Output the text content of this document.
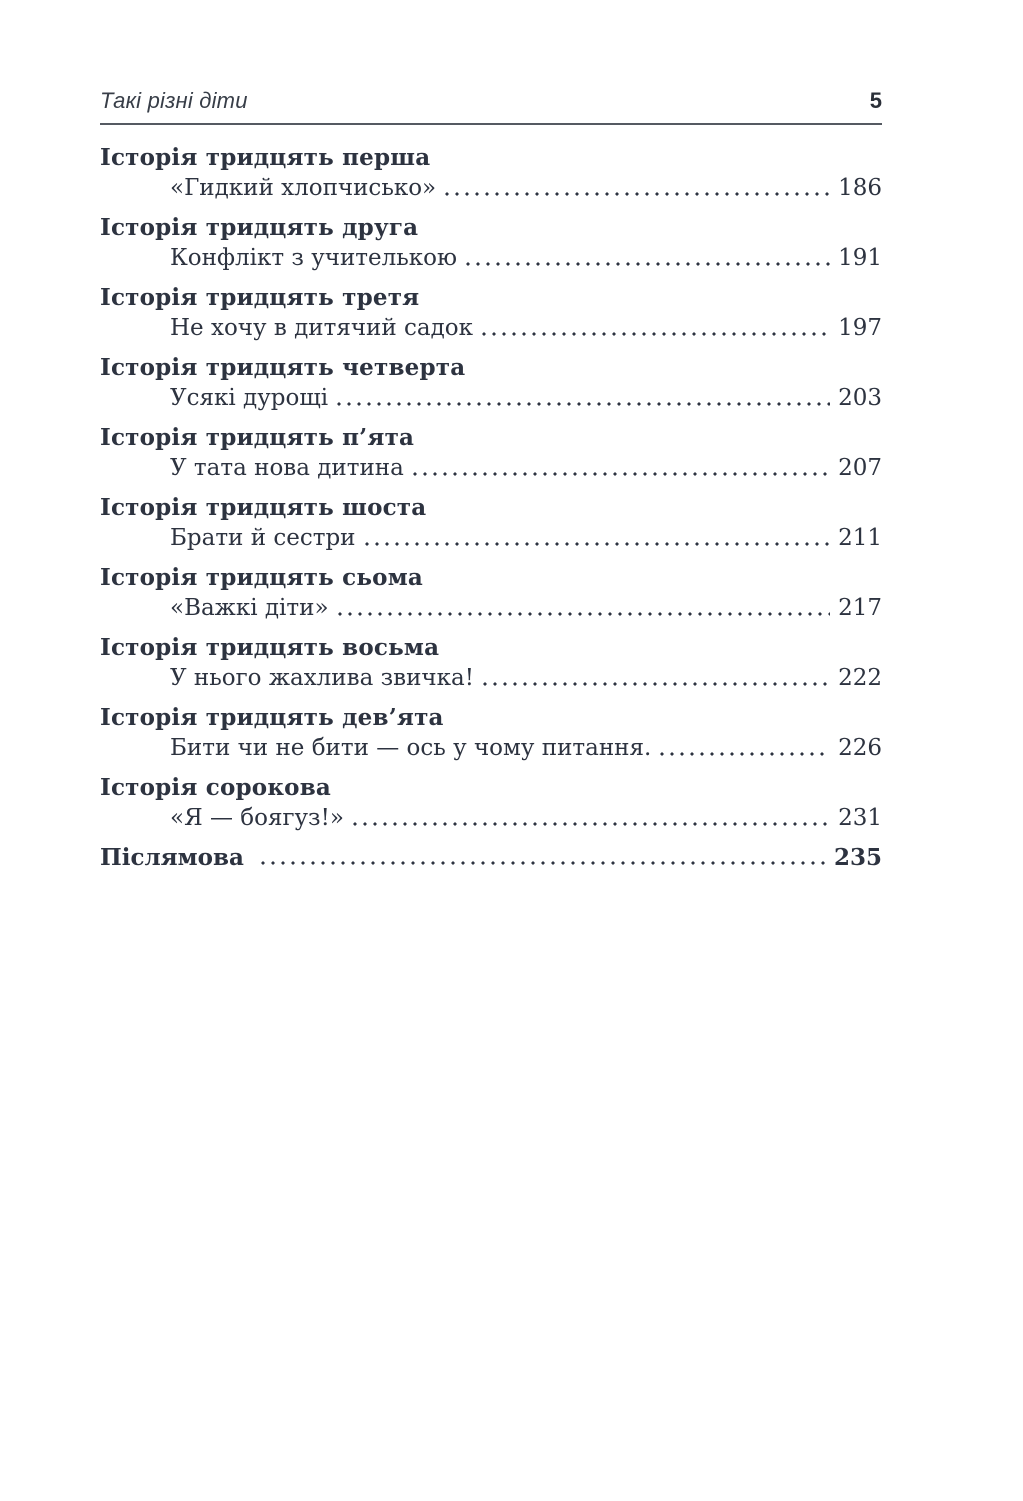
Такі різні діти	5
Історія тридцять перша
«Гидкий хлопчисько»	186
Історія тридцять друга
Конфлікт з учителькою	191
Історія тридцять третя
Не хочу в дитячий садок	197
Історія тридцять четверта
Усякі дурощі	203
Історія тридцять п’ята
У тата нова дитина	207
Історія тридцять шоста
Брати й сестри	211
Історія тридцять сьома
«Важкі діти»	217
Історія тридцять восьма
У нього жахлива звичка!	222
Історія тридцять дев’ята
Бити чи не бити — ось у чому питання.	226
Історія сорокова
«Я — боягуз!»	231
Післямова	235
